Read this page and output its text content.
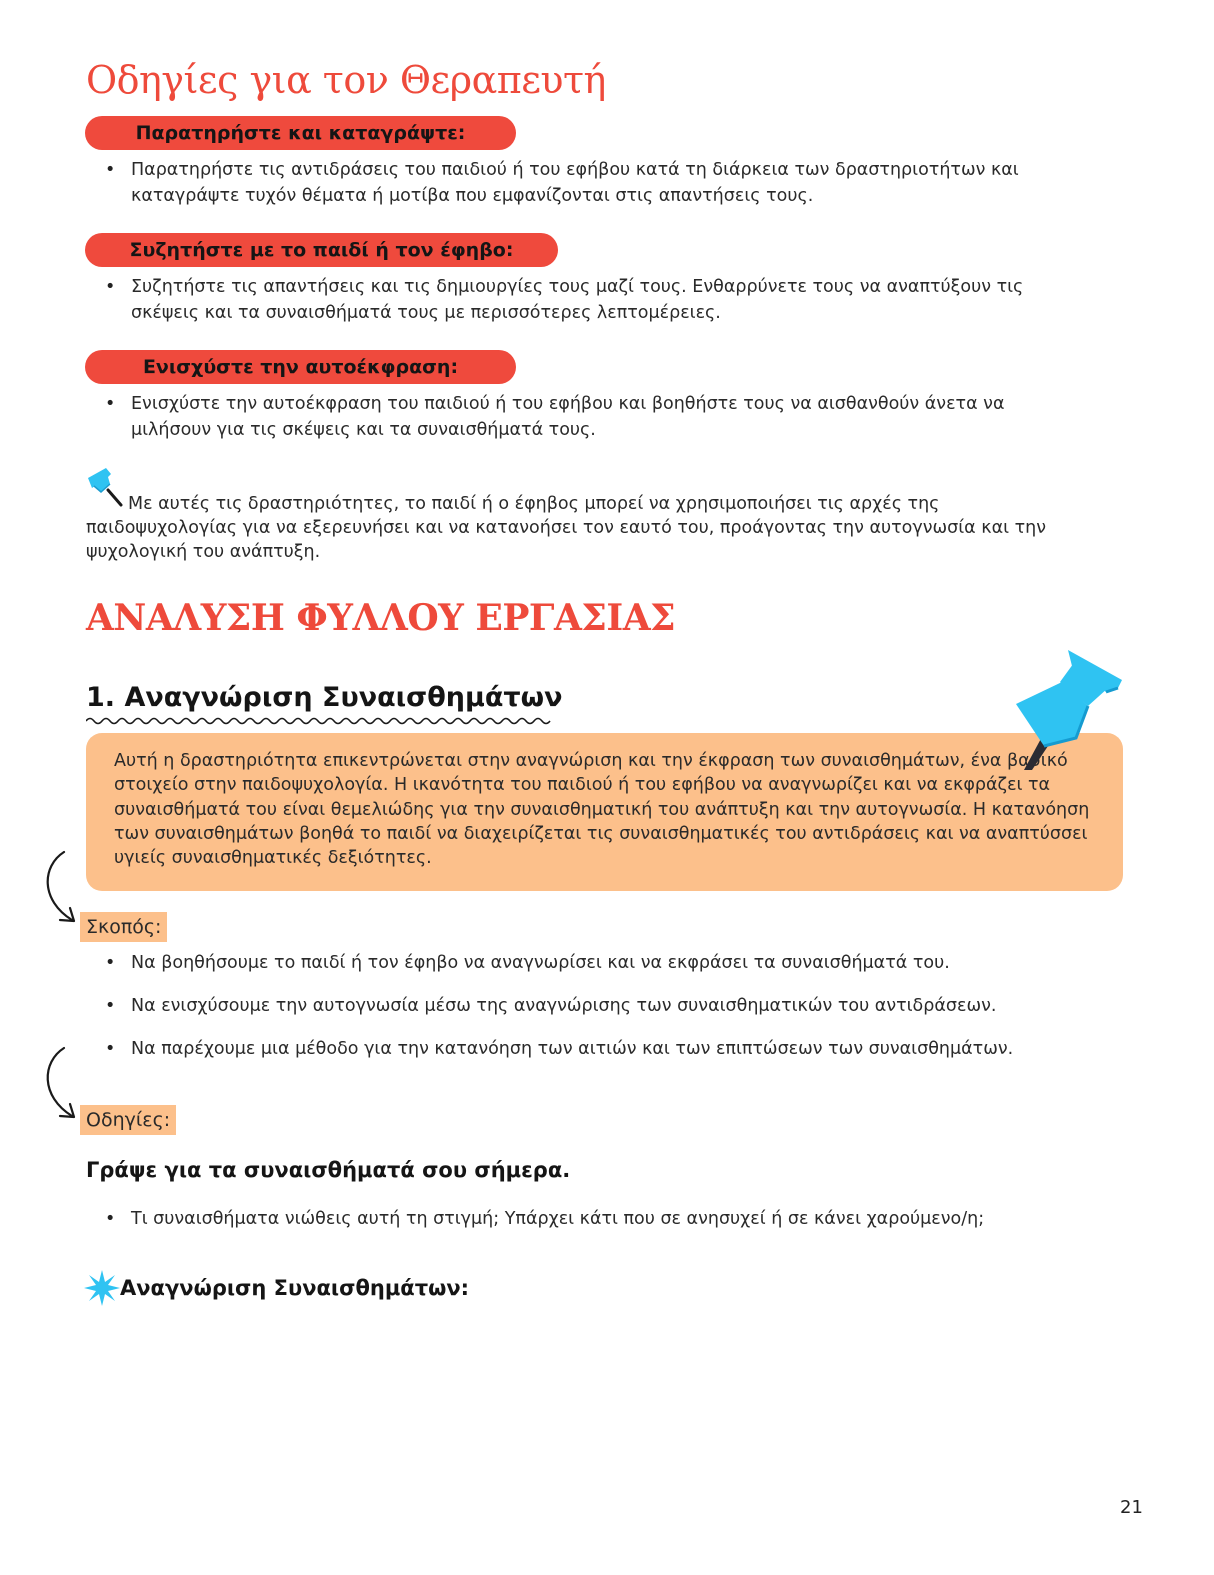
Οδηγίες για τον Θεραπευτή
Παρατηρήστε και καταγράψτε:
• Παρατηρήστε τις αντιδράσεις του παιδιού ή του εφήβου κατά τη διάρκεια των δραστηριοτήτων και καταγράψτε τυχόν θέματα ή μοτίβα που εμφανίζονται στις απαντήσεις τους.
Συζητήστε με το παιδί ή τον έφηβο:
• Συζητήστε τις απαντήσεις και τις δημιουργίες τους μαζί τους. Ενθαρρύνετε τους να αναπτύξουν τις σκέψεις και τα συναισθήματά τους με περισσότερες λεπτομέρειες.
Ενισχύστε την αυτοέκφραση:
• Ενισχύστε την αυτοέκφραση του παιδιού ή του εφήβου και βοηθήστε τους να αισθανθούν άνετα να μιλήσουν για τις σκέψεις και τα συναισθήματά τους.
Με αυτές τις δραστηριότητες, το παιδί ή ο έφηβος μπορεί να χρησιμοποιήσει τις αρχές της παιδοψυχολογίας για να εξερευνήσει και να κατανοήσει τον εαυτό του, προάγοντας την αυτογνωσία και την ψυχολογική του ανάπτυξη.
ΑΝΑΛΥΣΗ ΦΥΛΛΟΥ ΕΡΓΑΣΙΑΣ
1. Αναγνώριση Συναισθημάτων
Αυτή η δραστηριότητα επικεντρώνεται στην αναγνώριση και την έκφραση των συναισθημάτων, ένα βασικό στοιχείο στην παιδοψυχολογία. Η ικανότητα του παιδιού ή του εφήβου να αναγνωρίζει και να εκφράζει τα συναισθήματά του είναι θεμελιώδης για την συναισθηματική του ανάπτυξη και την αυτογνωσία. Η κατανόηση των συναισθημάτων βοηθά το παιδί να διαχειρίζεται τις συναισθηματικές του αντιδράσεις και να αναπτύσσει υγιείς συναισθηματικές δεξιότητες.
Σκοπός:
• Να βοηθήσουμε το παιδί ή τον έφηβο να αναγνωρίσει και να εκφράσει τα συναισθήματά του.
• Να ενισχύσουμε την αυτογνωσία μέσω της αναγνώρισης των συναισθηματικών του αντιδράσεων.
• Να παρέχουμε μια μέθοδο για την κατανόηση των αιτιών και των επιπτώσεων των συναισθημάτων.
Οδηγίες:
Γράψε για τα συναισθήματά σου σήμερα.
• Τι συναισθήματα νιώθεις αυτή τη στιγμή; Υπάρχει κάτι που σε ανησυχεί ή σε κάνει χαρούμενο/η;
Αναγνώριση Συναισθημάτων:
21
